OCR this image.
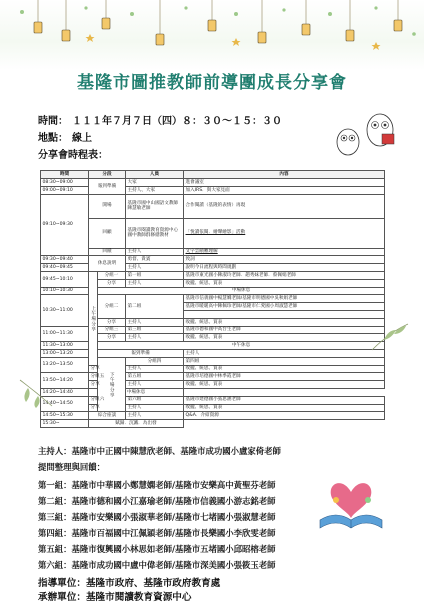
基隆市圖推教師前導團成長分享會
時間： １１１年７月７日（四）８：３０～１５：３０
地點： 線上
分享會時程表：
時間	分段		人員	內容	
08:30~09:00	報到準備		大家	進會議室	
09:00~09:10			主持人、大家	加入IRS．與大家見面	
09:10~09:30	開場		基隆市國中山國語文教師陳慧敏老師	合作閱讀（基隆的表情）再現	
	回顧		基隆市閱讀教育資源中心國中教師群修繕教材	「悅讀依閱．繪聲繪影」活動	
	回饋		主持人	文字雲饋難理解	
09:30~09:40	休息說明		勇督、貴賓	致詞	
09:40~09:45			主持人	說明今日流程與時間規劃	
09:45~10:10	上午場分享	分組一	第一組	基隆市東光國小陳淑玲老師．趙秀妹老師．蔡佩娟老師	
		分享	主持人	收攏、統思、賞表	
10:10~10:30		中場休息			
10:30~11:00		分組二	第二組	基隆市信義國中楊慧嫺老師/基隆市明德國中吳秋娟老師	
				基隆市暖暖高中陳佩珍老師/基隆市仁愛國小周淑慧老師	

		分享	主持人	收攏、統思、賞表	
11:00~11:30		分組三	第三組	基隆市德和國中高台生老師	
		分享	主持人	收攏、統思、賞表	
11:30~13:00		中午休息			
13:00~13:20		報到準備		主持人	
13:20~13:50		下午場分享	分組四	第四組	
	分享		主持人	收攏、統思、賞表	
13:50~14:20	分組五		第五組	基隆市培德國中林季霞老師	
	分享		主持人	收攏、統思、賞表	
14:20~14:40	中場休息				
14:40~14:50	分組六		第六組	基隆市建德國小張思涵老師	
	分享		主持人	收攏、統思、賞表	
14:50~15:30	綜合座談		主持人	Q&A．介紹資源	
15:30~	賦歸．沉澱．為出發				
主持人：基隆市中正國中陳慧欣老師、基隆市成功國小盧家倚老師
提問整理與回饋：
第一組：基隆市中華國小鄭慧嫻老師/基隆市安樂高中黃聖芬老師
第二組：基隆市德和國小江嘉瑜老師/基隆市信義國小游志銘老師
第三組：基隆市安樂國小張淑華老師/基隆市七堵國小張淑慧老師
第四組：基隆市百福國中江佩穎老師/基隆市長樂國小李欣雯老師
第五組：基隆市復興國小林思如老師/基隆市五堵國小邱昭榕老師
第六組：基隆市成功國中盧中偉老師/基隆市深美國小張筱玉老師
指導單位：基隆市政府、基隆市政府教育處
承辦單位：基隆市閱讀教育資源中心
